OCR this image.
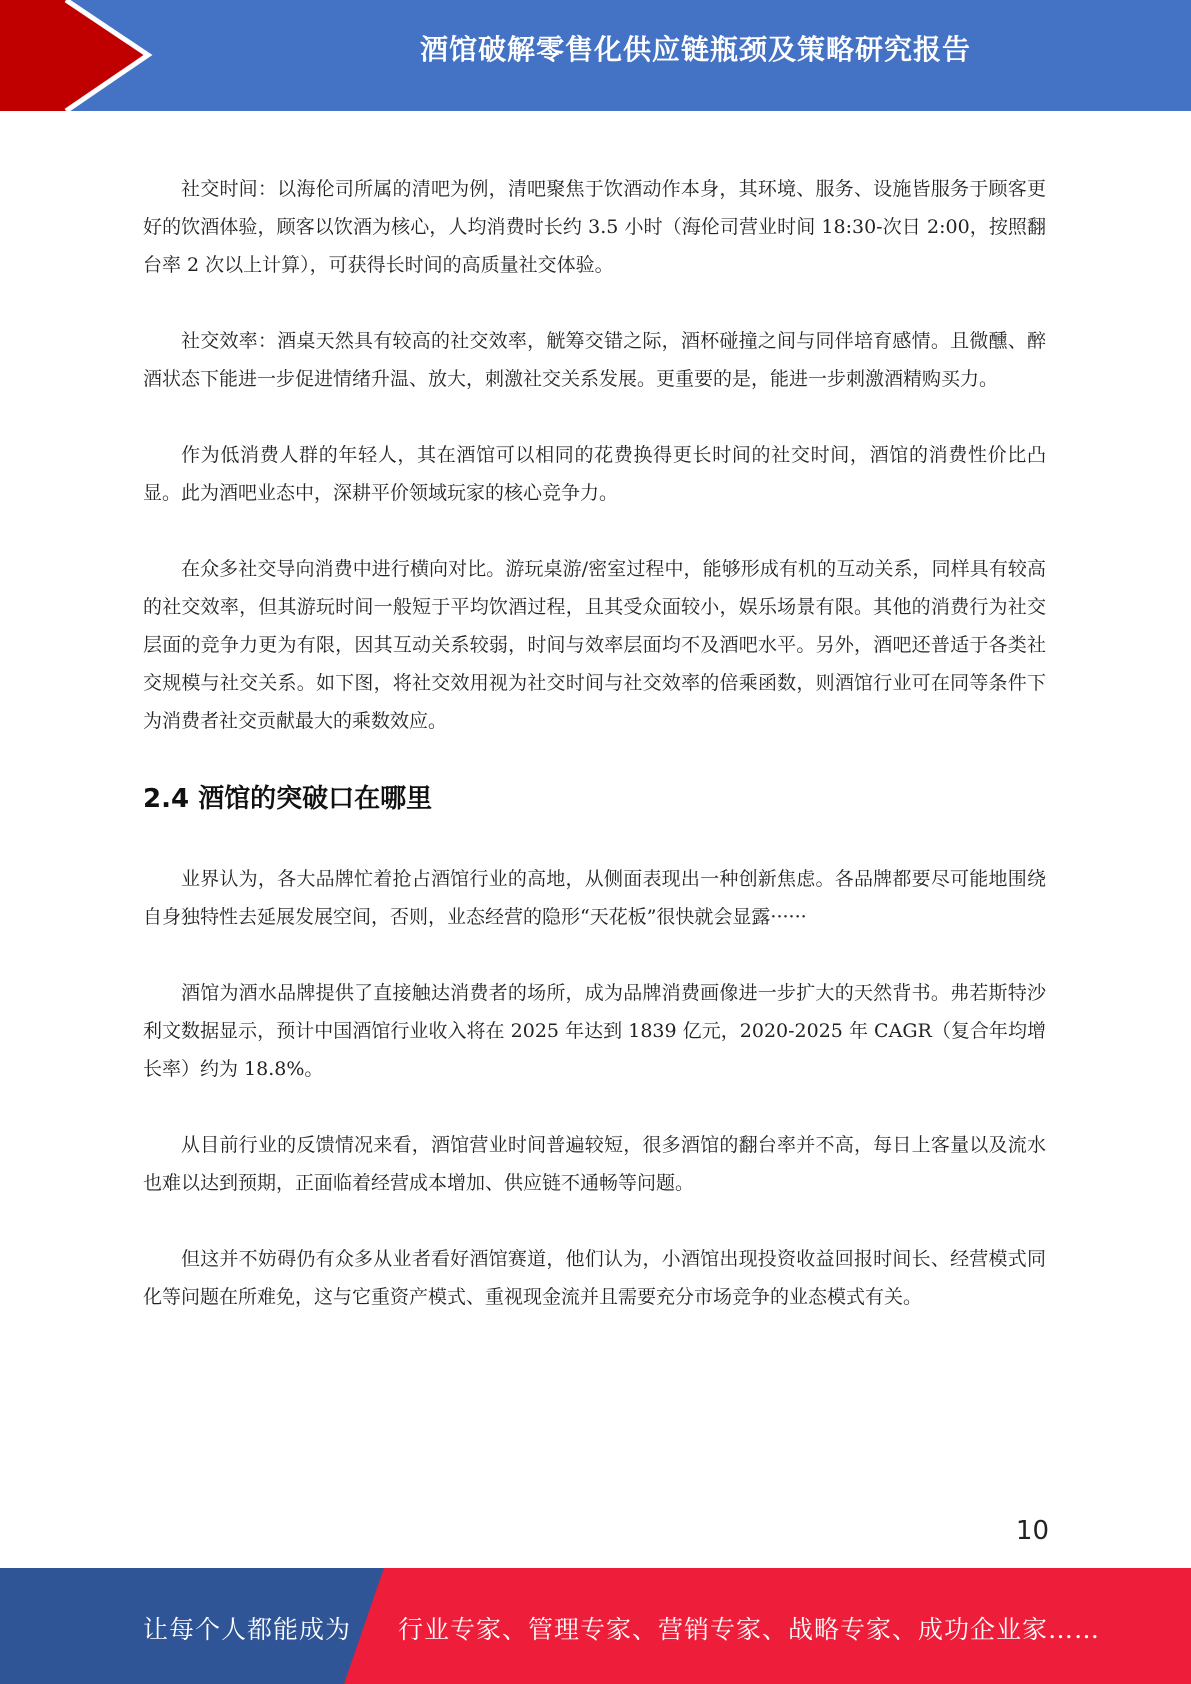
酒馆破解零售化供应链瓶颈及策略研究报告

社交时间：以海伦司所属的清吧为例，清吧聚焦于饮酒动作本身，其环境、服务、设施皆服务于顾客更好的饮酒体验，顾客以饮酒为核心，人均消费时长约 3.5 小时（海伦司营业时间 18:30-次日 2:00，按照翻台率 2 次以上计算），可获得长时间的高质量社交体验。

社交效率：酒桌天然具有较高的社交效率，觥筹交错之际，酒杯碰撞之间与同伴培育感情。且微醺、醉酒状态下能进一步促进情绪升温、放大，刺激社交关系发展。更重要的是，能进一步刺激酒精购买力。

作为低消费人群的年轻人，其在酒馆可以相同的花费换得更长时间的社交时间，酒馆的消费性价比凸显。此为酒吧业态中，深耕平价领域玩家的核心竞争力。

在众多社交导向消费中进行横向对比。游玩桌游/密室过程中，能够形成有机的互动关系，同样具有较高的社交效率，但其游玩时间一般短于平均饮酒过程，且其受众面较小，娱乐场景有限。其他的消费行为社交层面的竞争力更为有限，因其互动关系较弱，时间与效率层面均不及酒吧水平。另外，酒吧还普适于各类社交规模与社交关系。如下图，将社交效用视为社交时间与社交效率的倍乘函数，则酒馆行业可在同等条件下为消费者社交贡献最大的乘数效应。

2.4 酒馆的突破口在哪里

业界认为，各大品牌忙着抢占酒馆行业的高地，从侧面表现出一种创新焦虑。各品牌都要尽可能地围绕自身独特性去延展发展空间，否则，业态经营的隐形“天花板”很快就会显露······

酒馆为酒水品牌提供了直接触达消费者的场所，成为品牌消费画像进一步扩大的天然背书。弗若斯特沙利文数据显示，预计中国酒馆行业收入将在 2025 年达到 1839 亿元，2020-2025 年 CAGR（复合年均增长率）约为 18.8%。

从目前行业的反馈情况来看，酒馆营业时间普遍较短，很多酒馆的翻台率并不高，每日上客量以及流水也难以达到预期，正面临着经营成本增加、供应链不通畅等问题。

但这并不妨碍仍有众多从业者看好酒馆赛道，他们认为，小酒馆出现投资收益回报时间长、经营模式同化等问题在所难免，这与它重资产模式、重视现金流并且需要充分市场竞争的业态模式有关。

10
让每个人都能成为 行业专家、管理专家、营销专家、战略专家、成功企业家……
